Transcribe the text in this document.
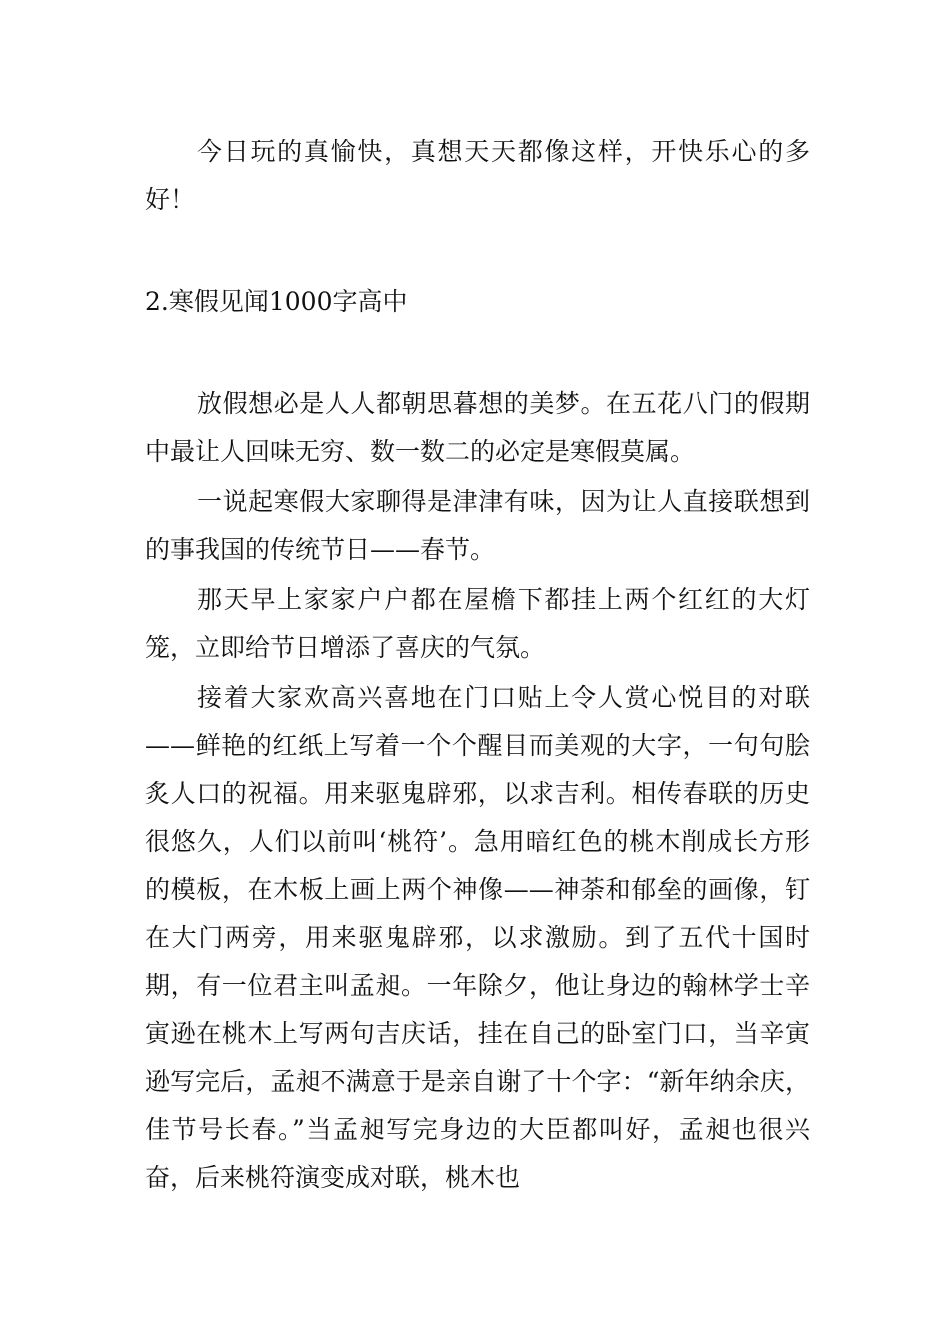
今日玩的真愉快，真想天天都像这样，开快乐心的多好！

2.寒假见闻1000字高中

放假想必是人人都朝思暮想的美梦。在五花八门的假期中最让人回味无穷、数一数二的必定是寒假莫属。

一说起寒假大家聊得是津津有味，因为让人直接联想到的事我国的传统节日——春节。

那天早上家家户户都在屋檐下都挂上两个红红的大灯笼，立即给节日增添了喜庆的气氛。

接着大家欢高兴喜地在门口贴上令人赏心悦目的对联——鲜艳的红纸上写着一个个醒目而美观的大字，一句句脍炙人口的祝福。用来驱鬼辟邪，以求吉利。相传春联的历史很悠久，人们以前叫‘桃符’。急用暗红色的桃木削成长方形的模板，在木板上画上两个神像——神荼和郁垒的画像，钉在大门两旁，用来驱鬼辟邪，以求激励。到了五代十国时期，有一位君主叫孟昶。一年除夕，他让身边的翰林学士辛寅逊在桃木上写两句吉庆话，挂在自己的卧室门口，当辛寅逊写完后，孟昶不满意于是亲自谢了十个字：“新年纳余庆，佳节号长春。”当孟昶写完身边的大臣都叫好，孟昶也很兴奋，后来桃符演变成对联，桃木也
